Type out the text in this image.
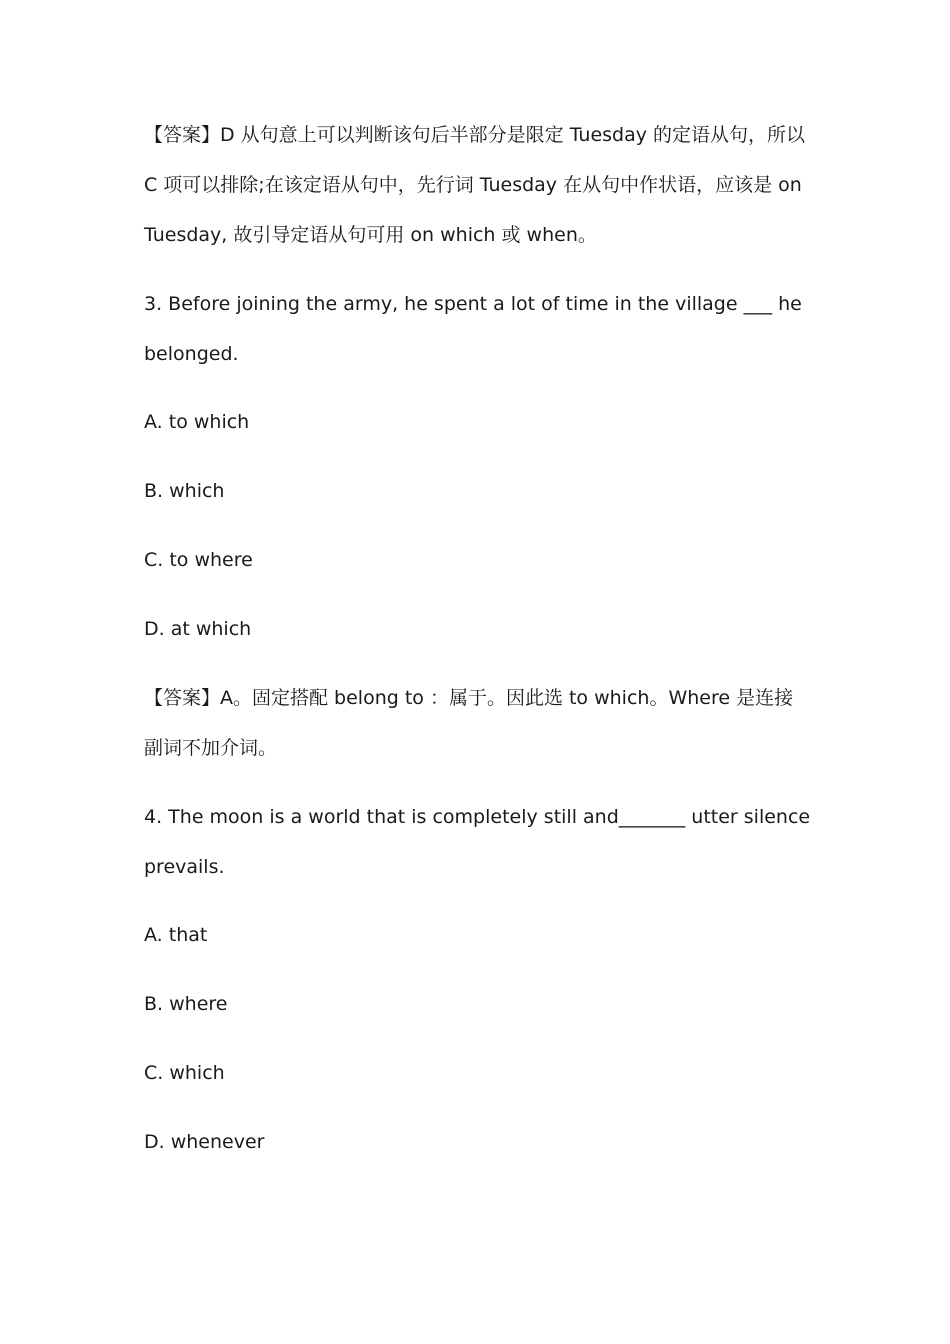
【答案】D 从句意上可以判断该句后半部分是限定 Tuesday 的定语从句，所以
C 项可以排除;在该定语从句中，先行词 Tuesday 在从句中作状语，应该是 on
Tuesday, 故引导定语从句可用 on which 或 when。
3. Before joining the army, he spent a lot of time in the village ___ he
belonged.
A. to which
B. which
C. to where
D. at which
【答案】A。固定搭配 belong to ：属于。因此选 to which。Where 是连接
副词不加介词。
4. The moon is a world that is completely still and_______ utter silence
prevails.
A. that
B. where
C. which
D. whenever
